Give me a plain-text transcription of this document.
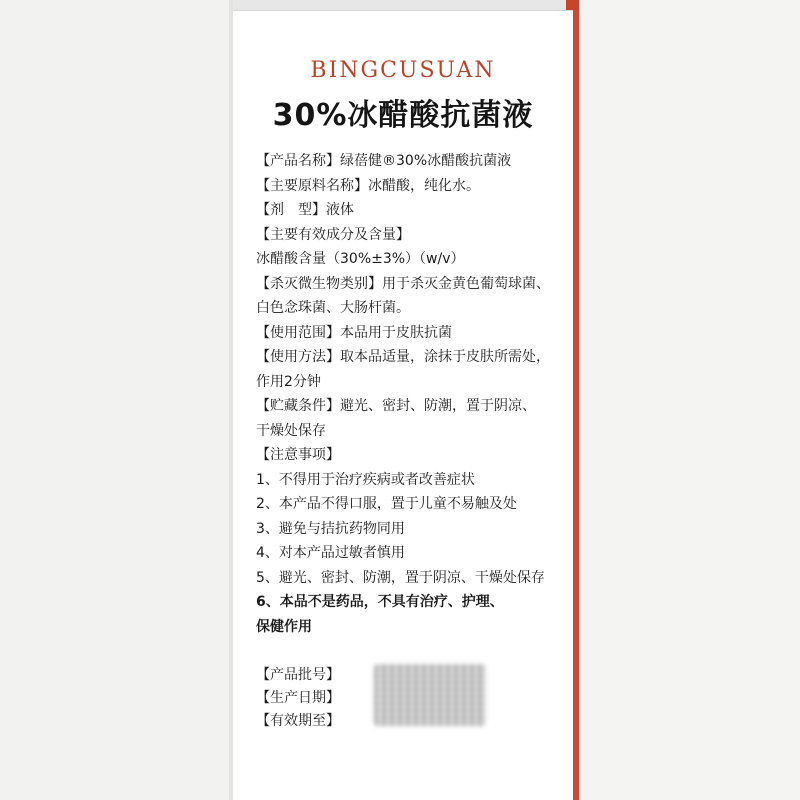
BINGCUSUAN
30%冰醋酸抗菌液
【产品名称】绿蓓健®30%冰醋酸抗菌液
【主要原料名称】冰醋酸，纯化水。
【剂　型】液体
【主要有效成分及含量】
冰醋酸含量（30%±3%）（w/v）
【杀灭微生物类别】用于杀灭金黄色葡萄球菌、
白色念珠菌、大肠杆菌。
【使用范围】本品用于皮肤抗菌
【使用方法】取本品适量，涂抹于皮肤所需处，
作用2分钟
【贮藏条件】避光、密封、防潮，置于阴凉、
干燥处保存
【注意事项】
1、不得用于治疗疾病或者改善症状
2、本产品不得口服，置于儿童不易触及处
3、避免与拮抗药物同用
4、对本产品过敏者慎用
5、避光、密封、防潮，置于阴凉、干燥处保存
6、本品不是药品，不具有治疗、护理、
保健作用
【产品批号】
【生产日期】
【有效期至】
